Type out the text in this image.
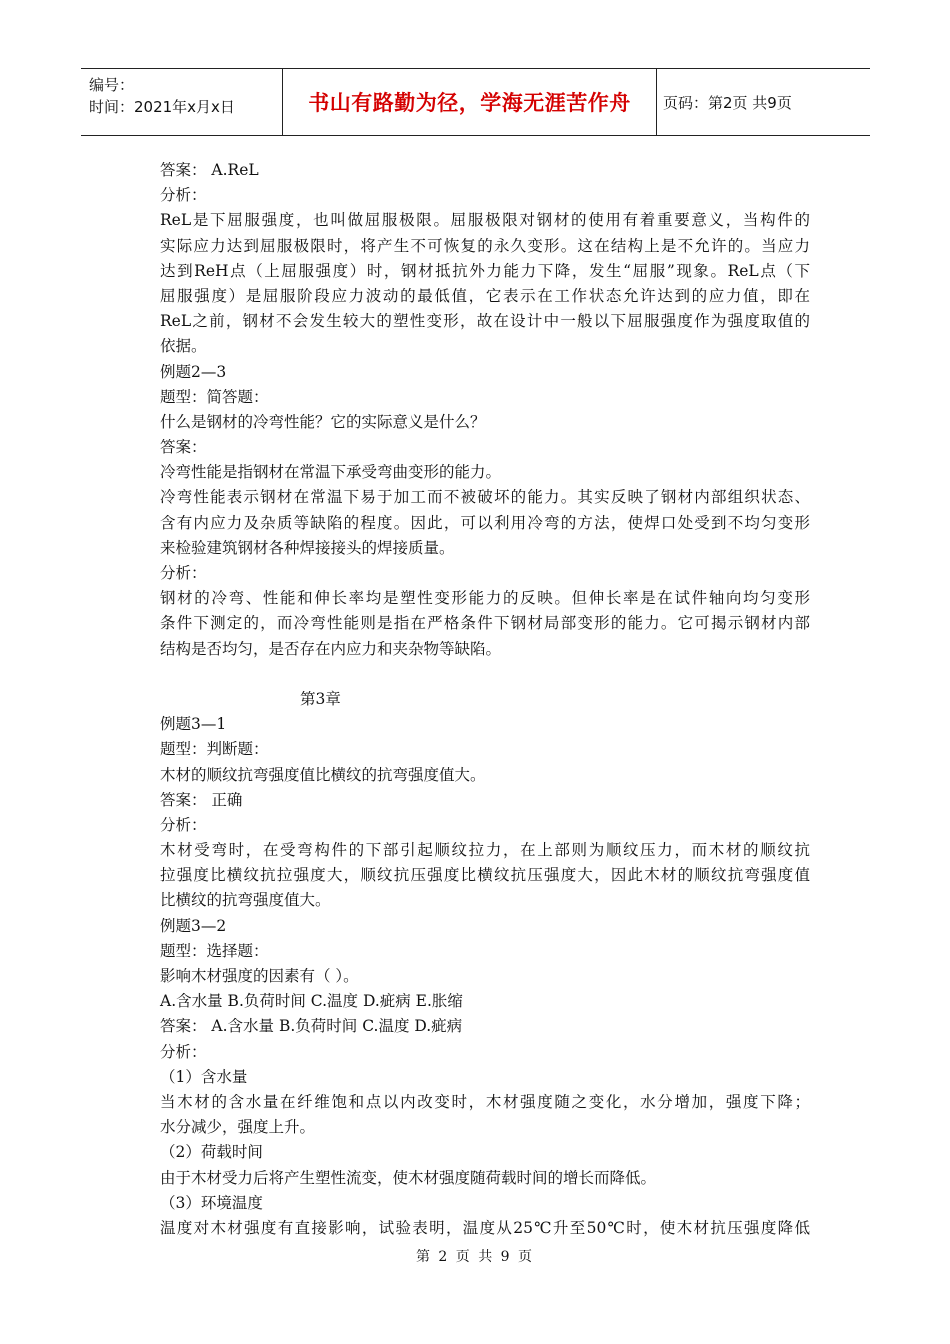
编号：
时间：2021年x月x日	书山有路勤为径，学海无涯苦作舟	页码：第2页 共9页
答案： A.ReL
分析：
ReL是下屈服强度，也叫做屈服极限。屈服极限对钢材的使用有着重要意义，当构件的
实际应力达到屈服极限时，将产生不可恢复的永久变形。这在结构上是不允许的。当应力
达到ReH点（上屈服强度）时，钢材抵抗外力能力下降，发生“屈服”现象。ReL点（下
屈服强度）是屈服阶段应力波动的最低值，它表示在工作状态允许达到的应力值，即在
ReL之前，钢材不会发生较大的塑性变形，故在设计中一般以下屈服强度作为强度取值的
依据。
例题2—3
题型：简答题：
什么是钢材的冷弯性能？它的实际意义是什么？
答案：
冷弯性能是指钢材在常温下承受弯曲变形的能力。
冷弯性能表示钢材在常温下易于加工而不被破坏的能力。其实反映了钢材内部组织状态、
含有内应力及杂质等缺陷的程度。因此，可以利用冷弯的方法，使焊口处受到不均匀变形
来检验建筑钢材各种焊接接头的焊接质量。
分析：
钢材的冷弯、性能和伸长率均是塑性变形能力的反映。但伸长率是在试件轴向均匀变形
条件下测定的，而冷弯性能则是指在严格条件下钢材局部变形的能力。它可揭示钢材内部
结构是否均匀，是否存在内应力和夹杂物等缺陷。
第3章
例题3—1
题型：判断题：
木材的顺纹抗弯强度值比横纹的抗弯强度值大。
答案： 正确
分析：
木材受弯时，在受弯构件的下部引起顺纹拉力，在上部则为顺纹压力，而木材的顺纹抗
拉强度比横纹抗拉强度大，顺纹抗压强度比横纹抗压强度大，因此木材的顺纹抗弯强度值
比横纹的抗弯强度值大。
例题3—2
题型：选择题：
影响木材强度的因素有（ ）。
A.含水量 B.负荷时间 C.温度 D.疵病 E.胀缩
答案： A.含水量 B.负荷时间 C.温度 D.疵病
分析：
（1）含水量
当木材的含水量在纤维饱和点以内改变时，木材强度随之变化，水分增加，强度下降；
水分减少，强度上升。
（2）荷载时间
由于木材受力后将产生塑性流变，使木材强度随荷载时间的增长而降低。
（3）环境温度
温度对木材强度有直接影响，试验表明，温度从25℃升至50℃时，使木材抗压强度降低
第 2 页 共 9 页
